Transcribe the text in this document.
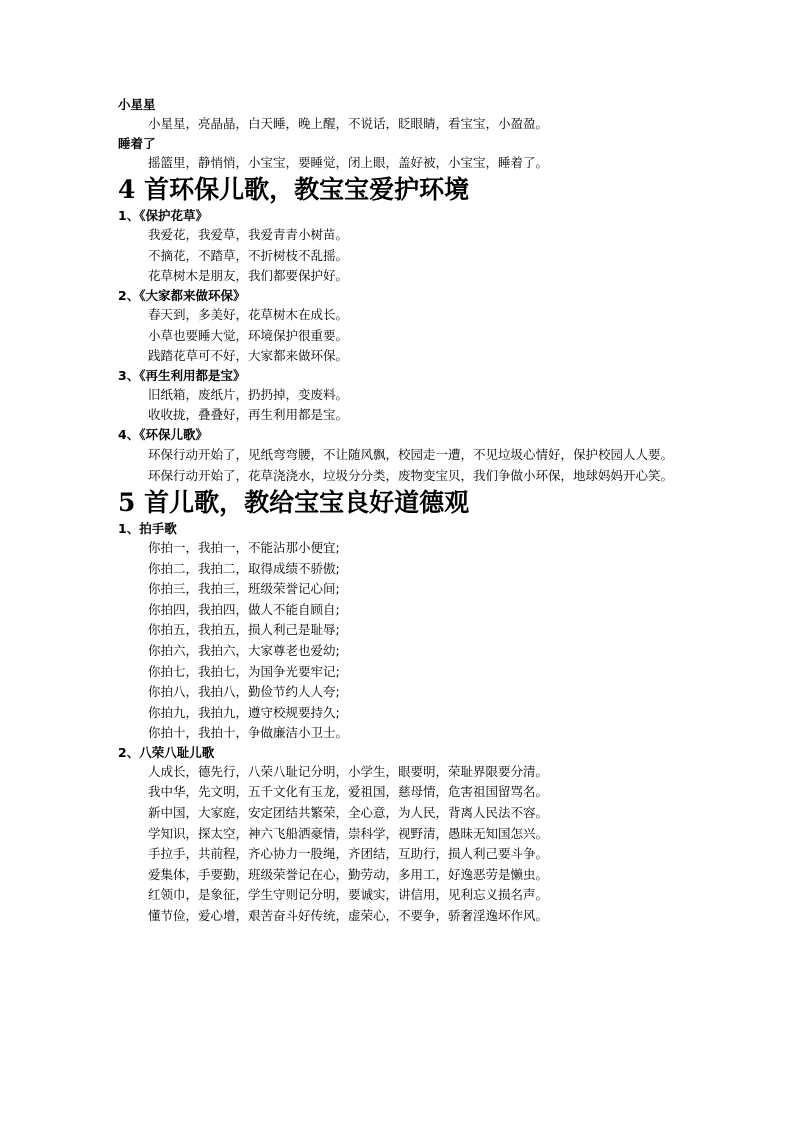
小星星
小星星，亮晶晶，白天睡，晚上醒，不说话，眨眼睛，看宝宝，小盈盈。
睡着了
摇篮里，静悄悄，小宝宝，要睡觉，闭上眼，盖好被，小宝宝，睡着了。
4 首环保儿歌，教宝宝爱护环境
1、《保护花草》
我爱花，我爱草，我爱青青小树苗。
不摘花，不踏草，不折树枝不乱摇。
花草树木是朋友，我们都要保护好。
2、《大家都来做环保》
春天到，多美好，花草树木在成长。
小草也要睡大觉，环境保护很重要。
践踏花草可不好，大家都来做环保。
3、《再生利用都是宝》
旧纸箱，废纸片，扔扔掉，变废料。
收收拢，叠叠好，再生利用都是宝。
4、《环保儿歌》
环保行动开始了，见纸弯弯腰，不让随风飘，校园走一遭，不见垃圾心情好，保护校园人人要。
环保行动开始了，花草浇浇水，垃圾分分类，废物变宝贝，我们争做小环保，地球妈妈开心笑。
5 首儿歌，教给宝宝良好道德观
1、拍手歌
你拍一，我拍一，不能沾那小便宜;
你拍二，我拍二，取得成绩不骄傲;
你拍三，我拍三，班级荣誉记心间;
你拍四，我拍四，做人不能自顾自;
你拍五，我拍五，损人利己是耻辱;
你拍六，我拍六，大家尊老也爱幼;
你拍七，我拍七，为国争光要牢记;
你拍八，我拍八，勤俭节约人人夸;
你拍九，我拍九，遵守校规要持久;
你拍十，我拍十，争做廉洁小卫士。
2、八荣八耻儿歌
人成长，德先行，八荣八耻记分明，小学生，眼要明，荣耻界限要分清。
我中华，先文明，五千文化有玉龙，爱祖国，慈母情，危害祖国留骂名。
新中国，大家庭，安定团结共繁荣，全心意，为人民，背离人民法不容。
学知识，探太空，神六飞船洒豪情，崇科学，视野清，愚昧无知国怎兴。
手拉手，共前程，齐心协力一股绳，齐团结，互助行，损人利己要斗争。
爱集体，手要勤，班级荣誉记在心，勤劳动，多用工，好逸恶劳是懒虫。
红领巾，是象征，学生守则记分明，要诚实，讲信用，见利忘义损名声。
懂节俭，爱心增，艰苦奋斗好传统，虚荣心，不要争，骄奢淫逸坏作风。
